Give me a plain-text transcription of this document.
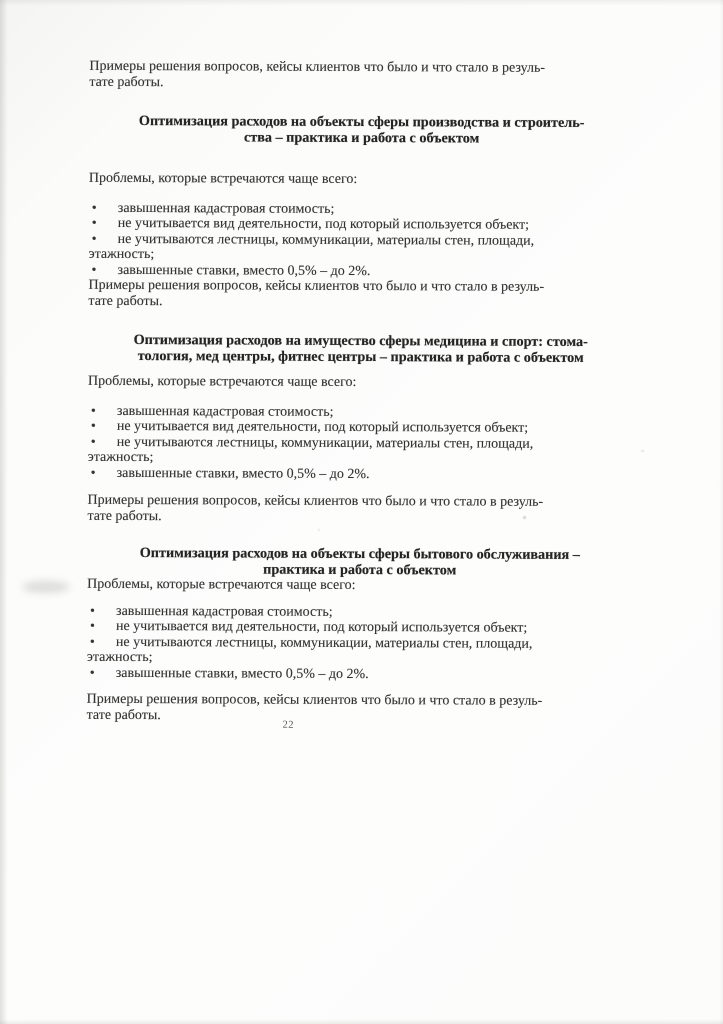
Примеры решения вопросов, кейсы клиентов что было и что стало в резуль-
тате работы.

Оптимизация расходов на объекты сферы производства и строитель-
ства – практика и работа с объектом

Проблемы, которые встречаются чаще всего:

• завышенная кадастровая стоимость;
• не учитывается вид деятельности, под который используется объект;
• не учитываются лестницы, коммуникации, материалы стен, площади,
этажность;
• завышенные ставки, вместо 0,5% – до 2%.

Примеры решения вопросов, кейсы клиентов что было и что стало в резуль-
тате работы.

Оптимизация расходов на имущество сферы медицина и спорт: стома-
тология, мед центры, фитнес центры – практика и работа с объектом

Проблемы, которые встречаются чаще всего:

• завышенная кадастровая стоимость;
• не учитывается вид деятельности, под который используется объект;
• не учитываются лестницы, коммуникации, материалы стен, площади,
этажность;
• завышенные ставки, вместо 0,5% – до 2%.

Примеры решения вопросов, кейсы клиентов что было и что стало в резуль-
тате работы.

Оптимизация расходов на объекты сферы бытового обслуживания –
практика и работа с объектом

Проблемы, которые встречаются чаще всего:

• завышенная кадастровая стоимость;
• не учитывается вид деятельности, под который используется объект;
• не учитываются лестницы, коммуникации, материалы стен, площади,
этажность;
• завышенные ставки, вместо 0,5% – до 2%.

Примеры решения вопросов, кейсы клиентов что было и что стало в резуль-
тате работы.

22
